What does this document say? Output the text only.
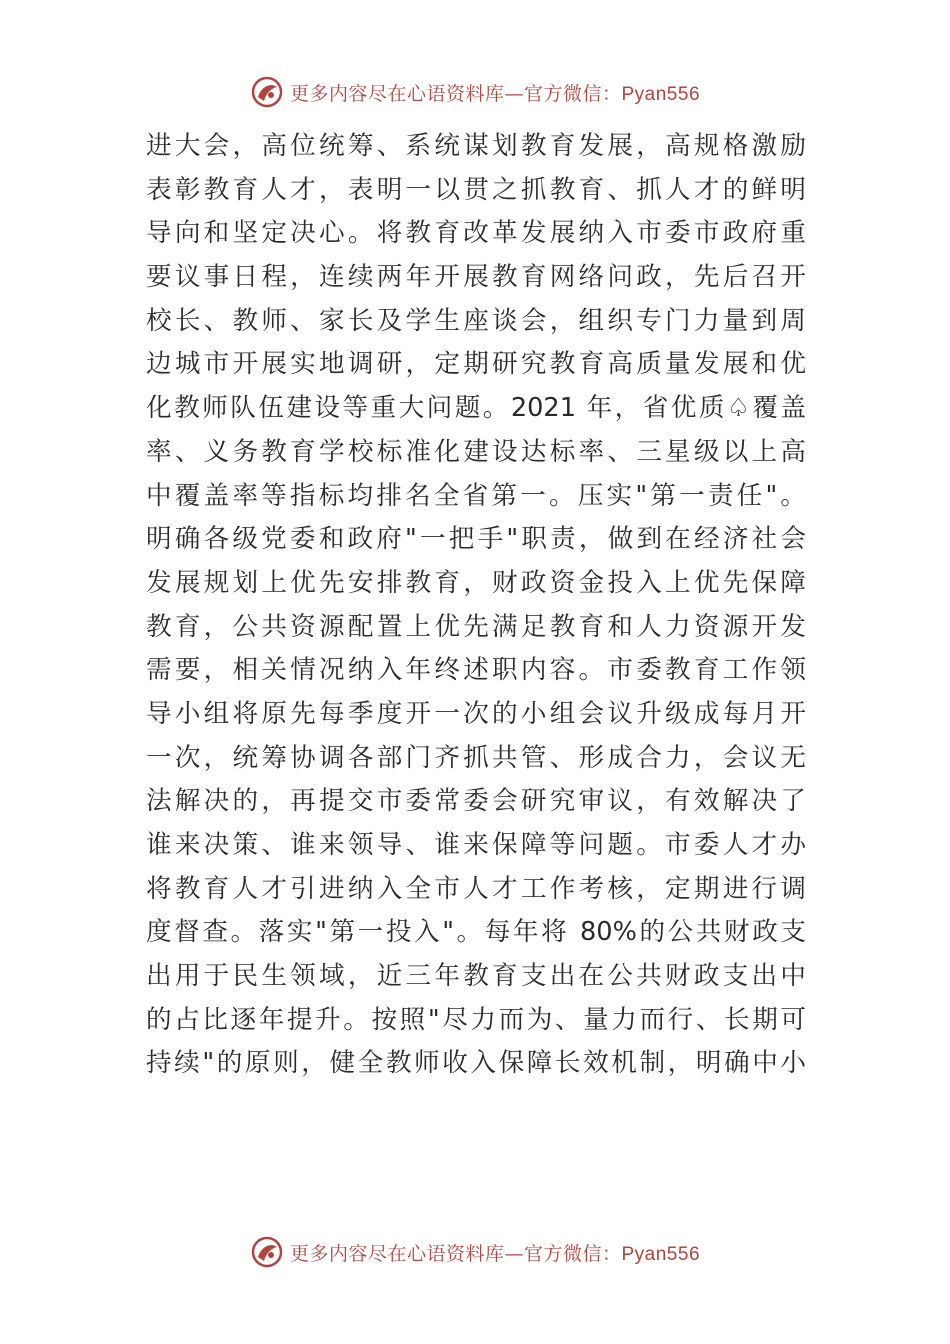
更多内容尽在心语资料库—官方微信：Pyan556
进大会，高位统筹、系统谋划教育发展，高规格激励
表彰教育人才，表明一以贯之抓教育、抓人才的鲜明
导向和坚定决心。将教育改革发展纳入市委市政府重
要议事日程，连续两年开展教育网络问政，先后召开
校长、教师、家长及学生座谈会，组织专门力量到周
边城市开展实地调研，定期研究教育高质量发展和优
化教师队伍建设等重大问题。2021 年，省优质♤覆盖
率、义务教育学校标准化建设达标率、三星级以上高
中覆盖率等指标均排名全省第一。压实"第一责任"。
明确各级党委和政府"一把手"职责，做到在经济社会
发展规划上优先安排教育，财政资金投入上优先保障
教育，公共资源配置上优先满足教育和人力资源开发
需要，相关情况纳入年终述职内容。市委教育工作领
导小组将原先每季度开一次的小组会议升级成每月开
一次，统筹协调各部门齐抓共管、形成合力，会议无
法解决的，再提交市委常委会研究审议，有效解决了
谁来决策、谁来领导、谁来保障等问题。市委人才办
将教育人才引进纳入全市人才工作考核，定期进行调
度督查。落实"第一投入"。每年将 80%的公共财政支
出用于民生领域，近三年教育支出在公共财政支出中
的占比逐年提升。按照"尽力而为、量力而行、长期可
持续"的原则，健全教师收入保障长效机制，明确中小
更多内容尽在心语资料库—官方微信：Pyan556
